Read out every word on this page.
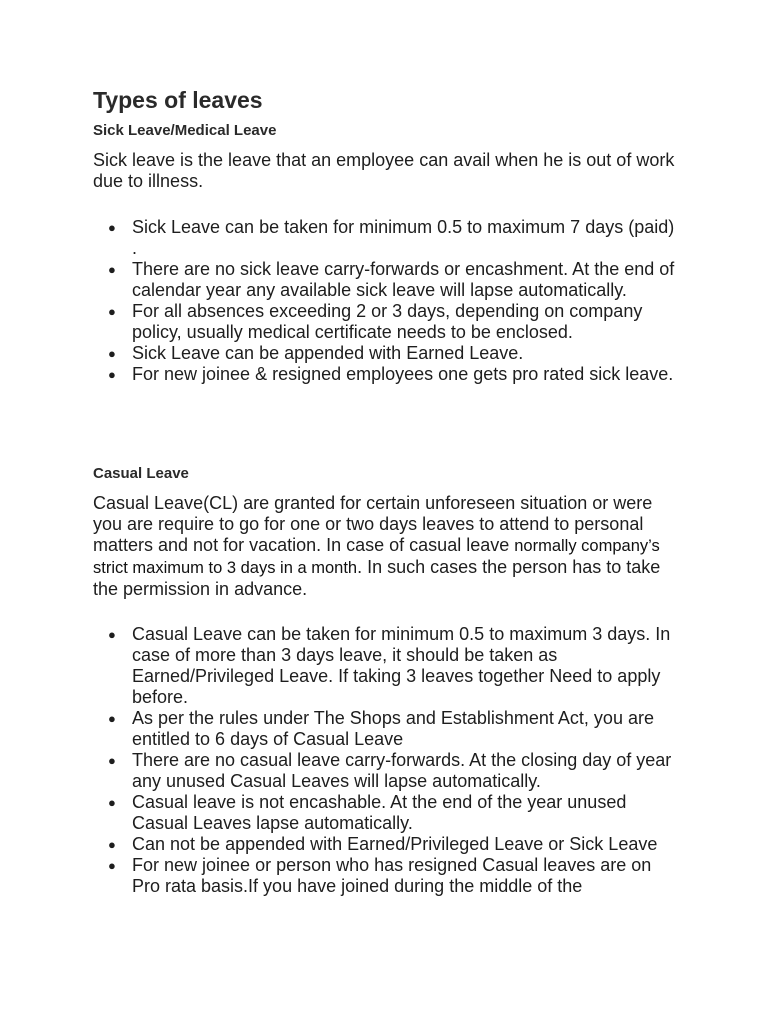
Types of leaves
Sick Leave/Medical Leave

Sick leave is the leave that an employee can avail when he is out of work due to illness.

● Sick Leave can be taken for minimum 0.5 to maximum 7 days (paid) .
● There are no sick leave carry-forwards or encashment. At the end of calendar year any available sick leave will lapse automatically.
● For all absences exceeding 2 or 3 days, depending on company policy, usually medical certificate needs to be enclosed.
● Sick Leave can be appended with Earned Leave.
● For new joinee & resigned employees one gets pro rated sick leave.
Casual Leave

Casual Leave(CL) are granted for certain unforeseen situation or were you are require to go for one or two days leaves to attend to personal matters and not for vacation. In case of casual leave normally company’s strict maximum to 3 days in a month. In such cases the person has to take the permission in advance.

● Casual Leave can be taken for minimum 0.5 to maximum 3 days. In case of more than 3 days leave, it should be taken as Earned/Privileged Leave. If taking 3 leaves together Need to apply before.
● As per the rules under The Shops and Establishment Act, you are entitled to 6 days of Casual Leave
● There are no casual leave carry-forwards. At the closing day of year any unused Casual Leaves will lapse automatically.
● Casual leave is not encashable. At the end of the year unused Casual Leaves lapse automatically.
● Can not be appended with Earned/Privileged Leave or Sick Leave
● For new joinee or person who has resigned Casual leaves are on Pro rata basis.If you have joined during the middle of the
